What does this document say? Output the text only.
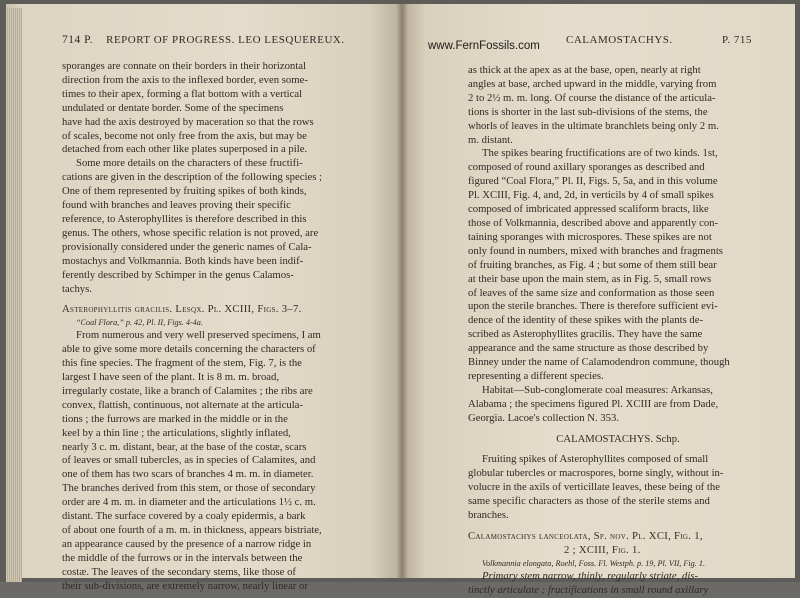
714 P. REPORT OF PROGRESS. LEO LESQUEREUX.

sporanges are connate on their borders in their horizontal

direction from the axis to the inflexed border, even some-

times to their apex, forming a flat bottom with a vertical

undulated or dentate border. Some of the specimens

have had the axis destroyed by maceration so that the rows

of scales, become not only free from the axis, but may be

detached from each other like plates superposed in a pile.

Some more details on the characters of these fructifi-

cations are given in the description of the following species ;

One of them represented by fruiting spikes of both kinds,

found with branches and leaves proving their specific

reference, to Asterophyllites is therefore described in this

genus. The others, whose specific relation is not proved, are

provisionally considered under the generic names of Cala-

mostachys and Volkmannia. Both kinds have been indif-

ferently described by Schimper in the genus Calamos-

tachys.

Asterophyllitis gracilis. Lesqx. Pl. XCIII, Figs. 3–7.

“Coal Flora,” p. 42, Pl. II, Figs. 4-4a.

From numerous and very well preserved specimens, I am

able to give some more details concerning the characters of

this fine species. The fragment of the stem, Fig. 7, is the

largest I have seen of the plant. It is 8 m. m. broad,

irregularly costate, like a branch of Calamites ; the ribs are

convex, flattish, continuous, not alternate at the articula-

tions ; the furrows are marked in the middle or in the

keel by a thin line ; the articulations, slightly inflated,

nearly 3 c. m. distant, bear, at the base of the costæ, scars

of leaves or small tubercles, as in species of Calamites, and

one of them has two scars of branches 4 m. m. in diameter.

The branches derived from this stem, or those of secondary

order are 4 m. m. in diameter and the articulations 1½ c. m.

distant. The surface covered by a coaly epidermis, a bark

of about one fourth of a m. m. in thickness, appears bistriate,

an appearance caused by the presence of a narrow ridge in

the middle of the furrows or in the intervals between the

costæ. The leaves of the secondary stems, like those of

their sub-divisions, are extremely narrow, nearly linear or

CALAMOSTACHYS.	P. 715

as thick at the apex as at the base, open, nearly at right

angles at base, arched upward in the middle, varying from

2 to 2½ m. m. long. Of course the distance of the articula-

tions is shorter in the last sub-divisions of the stems, the

whorls of leaves in the ultimate branchlets being only 2 m.

m. distant.

The spikes bearing fructifications are of two kinds. 1st,

composed of round axillary sporanges as described and

figured “Coal Flora,” Pl. II, Figs. 5, 5a, and in this volume

Pl. XCIII, Fig. 4, and, 2d, in verticils by 4 of small spikes

composed of imbricated appressed scaliform bracts, like

those of Volkmannia, described above and apparently con-

taining sporanges with microspores. These spikes are not

only found in numbers, mixed with branches and fragments

of fruiting branches, as Fig. 4 ; but some of them still bear

at their base upon the main stem, as in Fig. 5, small rows

of leaves of the same size and conformation as those seen

upon the sterile branches. There is therefore sufficient evi-

dence of the identity of these spikes with the plants de-

scribed as Asterophyllites gracilis. They have the same

appearance and the same structure as those described by

Binney under the name of Calamodendron commune, though

representing a different species.

Habitat—Sub-conglomerate coal measures: Arkansas,

Alabama ; the specimens figured Pl. XCIII are from Dade,

Georgia. Lacoe's collection N. 353.

CALAMOSTACHYS. Schp.

Fruiting spikes of Asterophyllites composed of small

globular tubercles or macrospores, borne singly, without in-

volucre in the axils of verticillate leaves, these being of the

same specific characters as those of the sterile stems and

branches.

Calamostachys lanceolata, Sp. nov. Pl. XCI, Fig. 1,

2 ; XCIII, Fig. 1.

Volkmannia elongata, Roehl, Foss. Fl. Westph. p. 19, Pl. VII, Fig. 1.

Primary stem narrow, thinly, regularly striate, dis-

tinctly articulate ; fructifications in small round axillary

www.FernFossils.com
